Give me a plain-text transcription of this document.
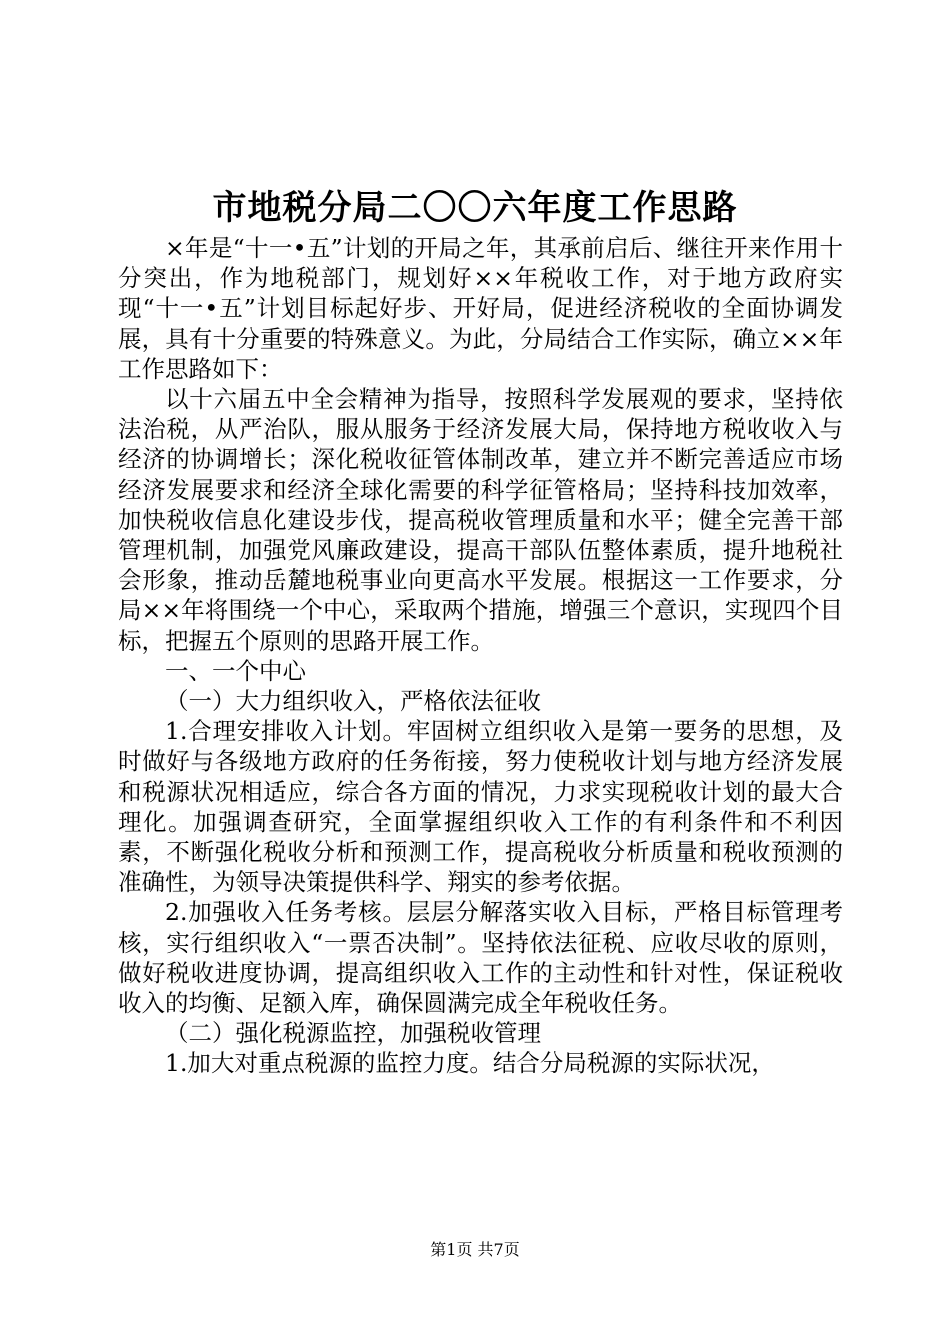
市地税分局二〇〇六年度工作思路

×年是“十一•五”计划的开局之年，其承前启后、继往开来作用十分突出，作为地税部门，规划好××年税收工作，对于地方政府实现“十一•五”计划目标起好步、开好局，促进经济税收的全面协调发展，具有十分重要的特殊意义。为此，分局结合工作实际，确立××年工作思路如下：

以十六届五中全会精神为指导，按照科学发展观的要求，坚持依法治税，从严治队，服从服务于经济发展大局，保持地方税收收入与经济的协调增长；深化税收征管体制改革，建立并不断完善适应市场经济发展要求和经济全球化需要的科学征管格局；坚持科技加效率，加快税收信息化建设步伐，提高税收管理质量和水平；健全完善干部管理机制，加强党风廉政建设，提高干部队伍整体素质，提升地税社会形象，推动岳麓地税事业向更高水平发展。根据这一工作要求，分局××年将围绕一个中心，采取两个措施，增强三个意识，实现四个目标，把握五个原则的思路开展工作。

一、一个中心

（一）大力组织收入，严格依法征收

1.合理安排收入计划。牢固树立组织收入是第一要务的思想，及时做好与各级地方政府的任务衔接，努力使税收计划与地方经济发展和税源状况相适应，综合各方面的情况，力求实现税收计划的最大合理化。加强调查研究，全面掌握组织收入工作的有利条件和不利因素，不断强化税收分析和预测工作，提高税收分析质量和税收预测的准确性，为领导决策提供科学、翔实的参考依据。

2.加强收入任务考核。层层分解落实收入目标，严格目标管理考核，实行组织收入“一票否决制”。坚持依法征税、应收尽收的原则，做好税收进度协调，提高组织收入工作的主动性和针对性，保证税收收入的均衡、足额入库，确保圆满完成全年税收任务。

（二）强化税源监控，加强税收管理

1.加大对重点税源的监控力度。结合分局税源的实际状况，

第1页 共7页
